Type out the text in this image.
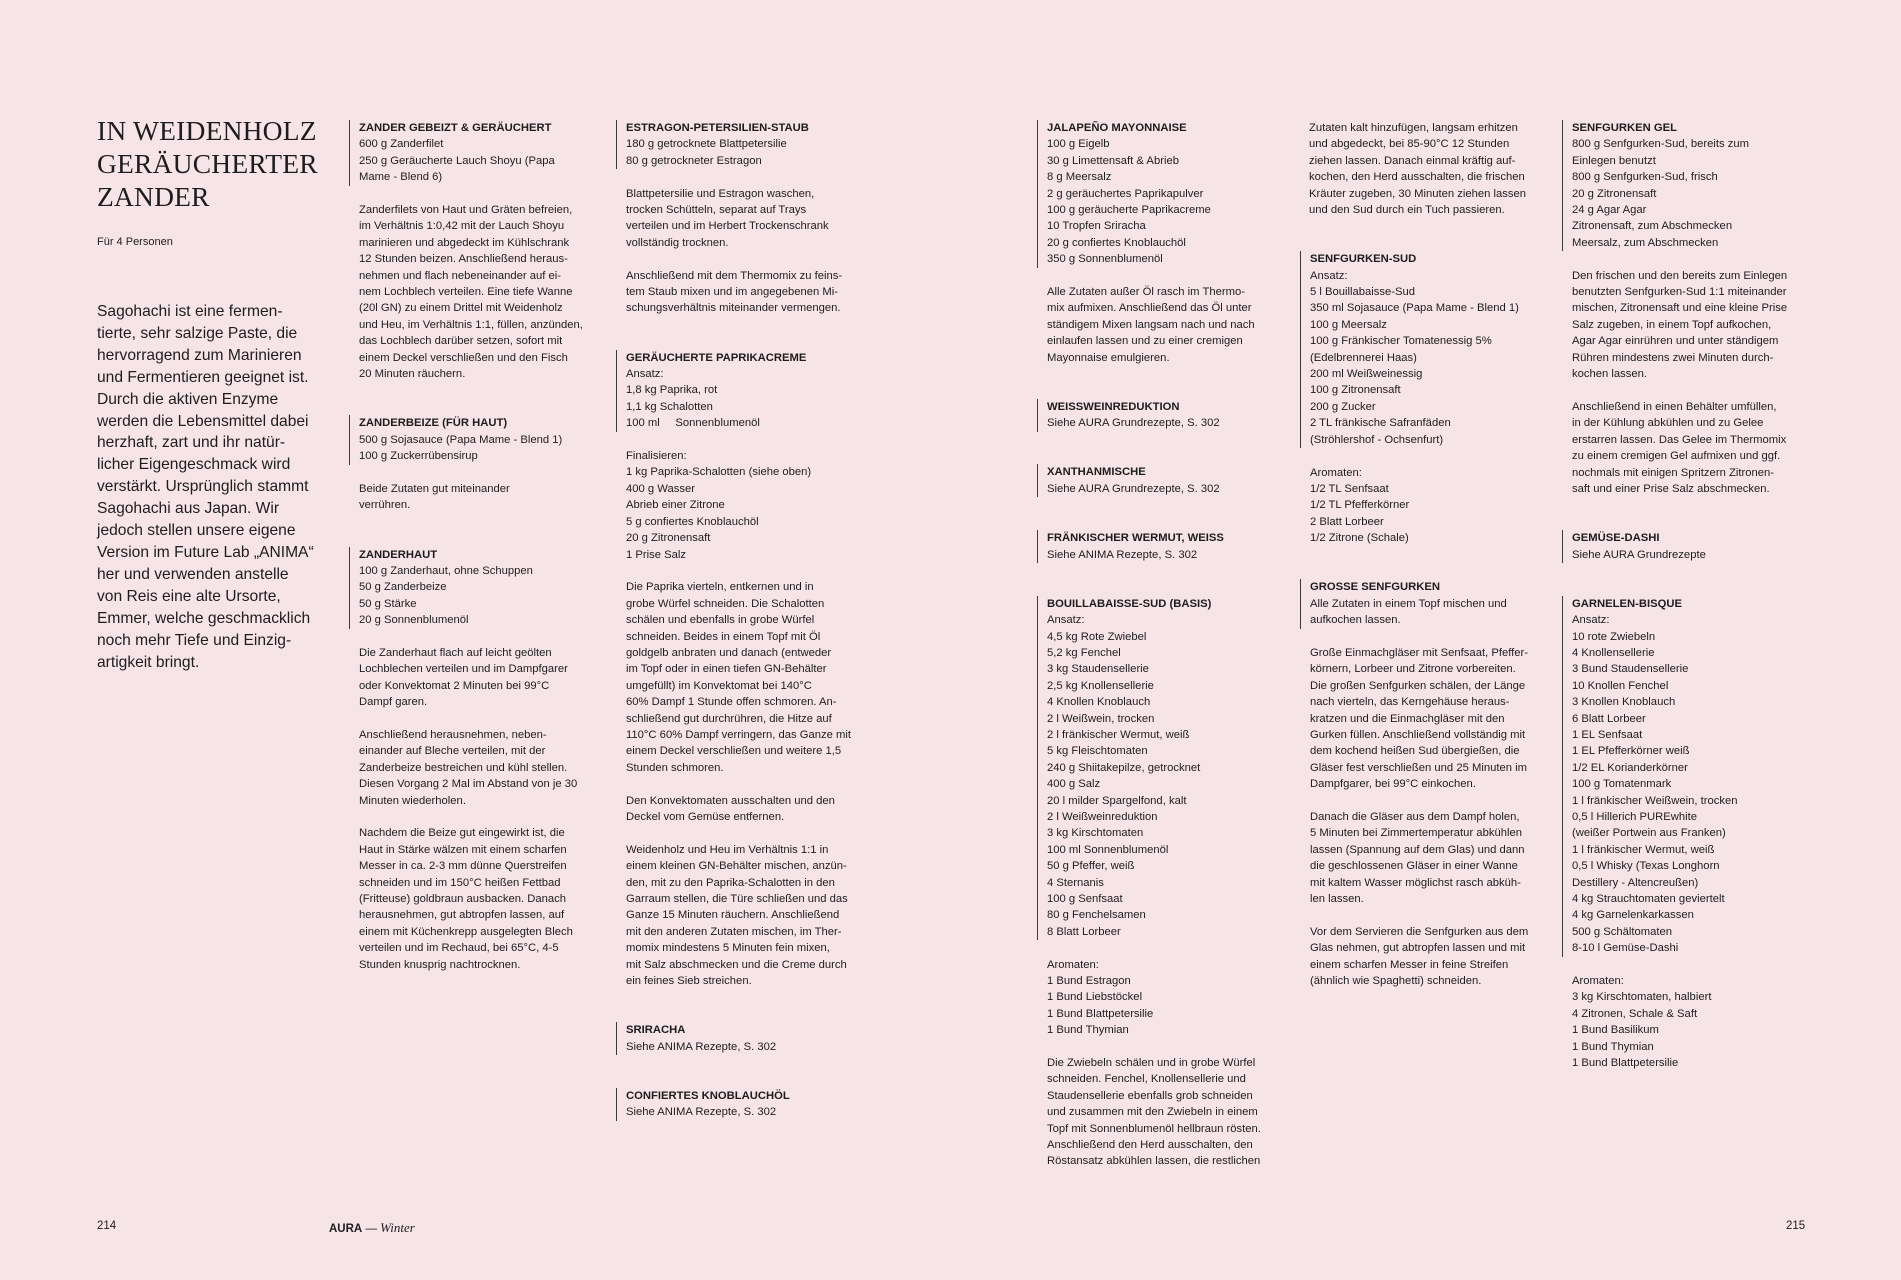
IN WEIDENHOLZ GERÄUCHERTER ZANDER
Für 4 Personen

Sagohachi ist eine fermentierte, sehr salzige Paste, die hervorragend zum Marinieren und Fermentieren geeignet ist. Durch die aktiven Enzyme werden die Lebensmittel dabei herzhaft, zart und ihr natürlicher Eigengeschmack wird verstärkt. Ursprünglich stammt Sagohachi aus Japan. Wir jedoch stellen unsere eigene Version im Future Lab „ANIMA“ her und verwenden anstelle von Reis eine alte Ursorte, Emmer, welche geschmacklich noch mehr Tiefe und Einzigartigkeit bringt.

ZANDER GEBEIZT & GERÄUCHERT
600 g Zanderfilet
250 g Geräucherte Lauch Shoyu (Papa
Mame - Blend 6)
Zanderfilets von Haut und Gräten befreien,
im Verhältnis 1:0,42 mit der Lauch Shoyu
marinieren und abgedeckt im Kühlschrank
12 Stunden beizen. Anschließend heraus-
nehmen und flach nebeneinander auf ei-
nem Lochblech verteilen. Eine tiefe Wanne
(20l GN) zu einem Drittel mit Weidenholz
und Heu, im Verhältnis 1:1, füllen, anzünden,
das Lochblech darüber setzen, sofort mit
einem Deckel verschließen und den Fisch
20 Minuten räuchern.
ZANDERBEIZE (FÜR HAUT)
500 g Sojasauce (Papa Mame - Blend 1)
100 g Zuckerrübensirup
Beide Zutaten gut miteinander
verrühren.
ZANDERHAUT
100 g Zanderhaut, ohne Schuppen
50 g Zanderbeize
50 g Stärke
20 g Sonnenblumenöl
Die Zanderhaut flach auf leicht geölten
Lochblechen verteilen und im Dampfgarer
oder Konvektomat 2 Minuten bei 99°C
Dampf garen.
Anschließend herausnehmen, neben-
einander auf Bleche verteilen, mit der
Zanderbeize bestreichen und kühl stellen.
Diesen Vorgang 2 Mal im Abstand von je 30
Minuten wiederholen.
Nachdem die Beize gut eingewirkt ist, die
Haut in Stärke wälzen mit einem scharfen
Messer in ca. 2-3 mm dünne Querstreifen
schneiden und im 150°C heißen Fettbad
(Fritteuse) goldbraun ausbacken. Danach
herausnehmen, gut abtropfen lassen, auf
einem mit Küchenkrepp ausgelegten Blech
verteilen und im Rechaud, bei 65°C, 4-5
Stunden knusprig nachtrocknen.
ESTRAGON-PETERSILIEN-STAUB
180 g getrocknete Blattpetersilie
80 g getrockneter Estragon
Blattpetersilie und Estragon waschen,
trocken Schütteln, separat auf Trays
verteilen und im Herbert Trockenschrank
vollständig trocknen.
Anschließend mit dem Thermomix zu feins-
tem Staub mixen und im angegebenen Mi-
schungsverhältnis miteinander vermengen.
GERÄUCHERTE PAPRIKACREME
Ansatz:
1,8 kg Paprika, rot
1,1 kg Schalotten
100 ml     Sonnenblumenöl
Finalisieren:
1 kg Paprika-Schalotten (siehe oben)
400 g Wasser
Abrieb einer Zitrone
5 g confiertes Knoblauchöl
20 g Zitronensaft
1 Prise Salz
Die Paprika vierteln, entkernen und in
grobe Würfel schneiden. Die Schalotten
schälen und ebenfalls in grobe Würfel
schneiden. Beides in einem Topf mit Öl
goldgelb anbraten und danach (entweder
im Topf oder in einen tiefen GN-Behälter
umgefüllt) im Konvektomat bei 140°C
60% Dampf 1 Stunde offen schmoren. An-
schließend gut durchrühren, die Hitze auf
110°C 60% Dampf verringern, das Ganze mit
einem Deckel verschließen und weitere 1,5
Stunden schmoren.
Den Konvektomaten ausschalten und den
Deckel vom Gemüse entfernen.
Weidenholz und Heu im Verhältnis 1:1 in
einem kleinen GN-Behälter mischen, anzün-
den, mit zu den Paprika-Schalotten in den
Garraum stellen, die Türe schließen und das
Ganze 15 Minuten räuchern. Anschließend
mit den anderen Zutaten mischen, im Ther-
momix mindestens 5 Minuten fein mixen,
mit Salz abschmecken und die Creme durch
ein feines Sieb streichen.
SRIRACHA
Siehe ANIMA Rezepte, S. 302
CONFIERTES KNOBLAUCHÖL
Siehe ANIMA Rezepte, S. 302
214	AURA — Winter
JALAPEÑO MAYONNAISE
100 g Eigelb
30 g Limettensaft & Abrieb
8 g Meersalz
2 g geräuchertes Paprikapulver
100 g geräucherte Paprikacreme
10 Tropfen Sriracha
20 g confiertes Knoblauchöl
350 g Sonnenblumenöl
Alle Zutaten außer Öl rasch im Thermo-
mix aufmixen. Anschließend das Öl unter
ständigem Mixen langsam nach und nach
einlaufen lassen und zu einer cremigen
Mayonnaise emulgieren.
WEISSWEINREDUKTION
Siehe AURA Grundrezepte, S. 302
XANTHANMISCHE
Siehe AURA Grundrezepte, S. 302
FRÄNKISCHER WERMUT, WEISS
Siehe ANIMA Rezepte, S. 302
BOUILLABAISSE-SUD (BASIS)
Ansatz:
4,5 kg Rote Zwiebel
5,2 kg Fenchel
3 kg Staudensellerie
2,5 kg Knollensellerie
4 Knollen Knoblauch
2 l Weißwein, trocken
2 l fränkischer Wermut, weiß
5 kg Fleischtomaten
240 g Shiitakepilze, getrocknet
400 g Salz
20 l milder Spargelfond, kalt
2 l Weißweinreduktion
3 kg Kirschtomaten
100 ml Sonnenblumenöl
50 g Pfeffer, weiß
4 Sternanis
100 g Senfsaat
80 g Fenchelsamen
8 Blatt Lorbeer
Aromaten:
1 Bund Estragon
1 Bund Liebstöckel
1 Bund Blattpetersilie
1 Bund Thymian
Die Zwiebeln schälen und in grobe Würfel
schneiden. Fenchel, Knollensellerie und
Staudensellerie ebenfalls grob schneiden
und zusammen mit den Zwiebeln in einem
Topf mit Sonnenblumenöl hellbraun rösten.
Anschließend den Herd ausschalten, den
Röstansatz abkühlen lassen, die restlichen
Zutaten kalt hinzufügen, langsam erhitzen
und abgedeckt, bei 85-90°C 12 Stunden
ziehen lassen. Danach einmal kräftig auf-
kochen, den Herd ausschalten, die frischen
Kräuter zugeben, 30 Minuten ziehen lassen
und den Sud durch ein Tuch passieren.
SENFGURKEN-SUD
Ansatz:
5 l Bouillabaisse-Sud
350 ml Sojasauce (Papa Mame - Blend 1)
100 g Meersalz
100 g Fränkischer Tomatenessig 5%
(Edelbrennerei Haas)
200 ml Weißweinessig
100 g Zitronensaft
200 g Zucker
2 TL fränkische Safranfäden
(Ströhlershof - Ochsenfurt)
Aromaten:
1/2 TL Senfsaat
1/2 TL Pfefferkörner
2 Blatt Lorbeer
1/2 Zitrone (Schale)
GROSSE SENFGURKEN
Alle Zutaten in einem Topf mischen und
aufkochen lassen.
Große Einmachgläser mit Senfsaat, Pfeffer-
körnern, Lorbeer und Zitrone vorbereiten.
Die großen Senfgurken schälen, der Länge
nach vierteln, das Kerngehäuse heraus-
kratzen und die Einmachgläser mit den
Gurken füllen. Anschließend vollständig mit
dem kochend heißen Sud übergießen, die
Gläser fest verschließen und 25 Minuten im
Dampfgarer, bei 99°C einkochen.
Danach die Gläser aus dem Dampf holen,
5 Minuten bei Zimmertemperatur abkühlen
lassen (Spannung auf dem Glas) und dann
die geschlossenen Gläser in einer Wanne
mit kaltem Wasser möglichst rasch abküh-
len lassen.
Vor dem Servieren die Senfgurken aus dem
Glas nehmen, gut abtropfen lassen und mit
einem scharfen Messer in feine Streifen
(ähnlich wie Spaghetti) schneiden.
SENFGURKEN GEL
800 g Senfgurken-Sud, bereits zum
Einlegen benutzt
800 g Senfgurken-Sud, frisch
20 g Zitronensaft
24 g Agar Agar
Zitronensaft, zum Abschmecken
Meersalz, zum Abschmecken
Den frischen und den bereits zum Einlegen
benutzten Senfgurken-Sud 1:1 miteinander
mischen, Zitronensaft und eine kleine Prise
Salz zugeben, in einem Topf aufkochen,
Agar Agar einrühren und unter ständigem
Rühren mindestens zwei Minuten durch-
kochen lassen.
Anschließend in einen Behälter umfüllen,
in der Kühlung abkühlen und zu Gelee
erstarren lassen. Das Gelee im Thermomix
zu einem cremigen Gel aufmixen und ggf.
nochmals mit einigen Spritzern Zitronen-
saft und einer Prise Salz abschmecken.
GEMÜSE-DASHI
Siehe AURA Grundrezepte
GARNELEN-BISQUE
Ansatz:
10 rote Zwiebeln
4 Knollensellerie
3 Bund Staudensellerie
10 Knollen Fenchel
3 Knollen Knoblauch
6 Blatt Lorbeer
1 EL Senfsaat
1 EL Pfefferkörner weiß
1/2 EL Korianderkörner
100 g Tomatenmark
1 l fränkischer Weißwein, trocken
0,5 l Hillerich PUREwhite
(weißer Portwein aus Franken)
1 l fränkischer Wermut, weiß
0,5 l Whisky (Texas Longhorn
Destillery - Altencreußen)
4 kg Strauchtomaten geviertelt
4 kg Garnelenkarkassen
500 g Schältomaten
8-10 l Gemüse-Dashi
Aromaten:
3 kg Kirschtomaten, halbiert
4 Zitronen, Schale & Saft
1 Bund Basilikum
1 Bund Thymian
1 Bund Blattpetersilie
215
